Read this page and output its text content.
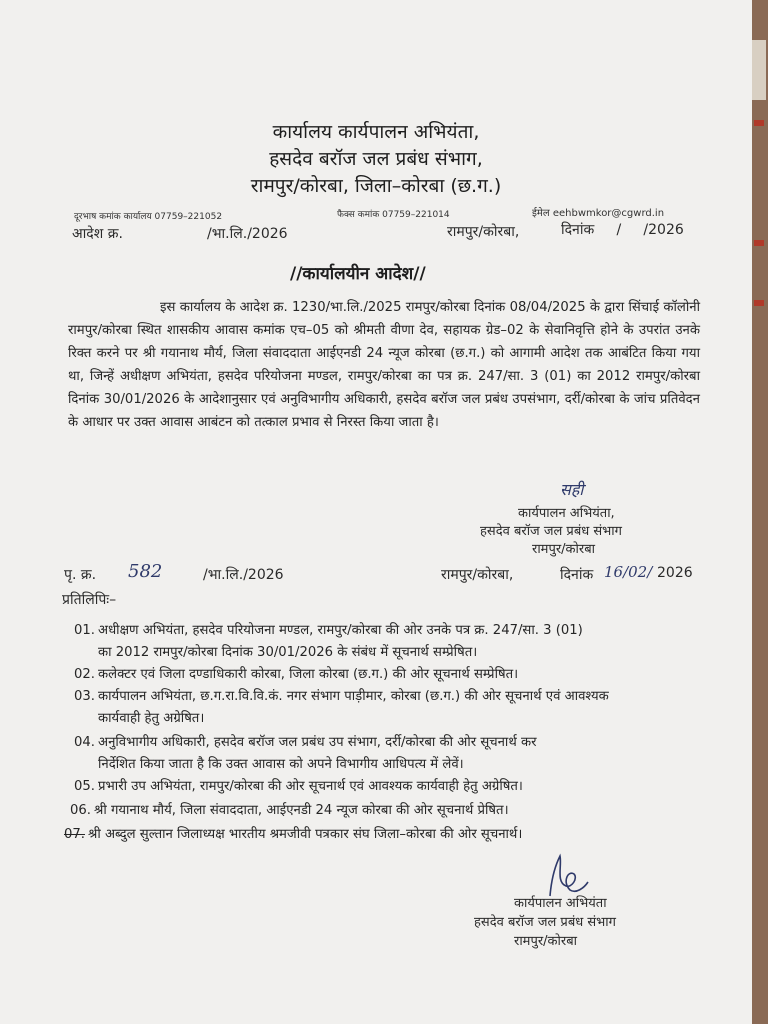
कार्यालय कार्यपालन अभियंता,
हसदेव बरॉज जल प्रबंध संभाग,
रामपुर/कोरबा, जिला–कोरबा (छ.ग.)
दूरभाष कमांक कार्यालय 07759–221052	फैक्स कमांक 07759–221014	ईमेल eehbwmkor@cgwrd.in
आदेश क्र.	/भा.लि./2026	रामपुर/कोरबा,	दिनांक     /     /2026
//कार्यालयीन आदेश//
इस कार्यालय के आदेश क्र. 1230/भा.लि./2025 रामपुर/कोरबा दिनांक 08/04/2025 के द्वारा सिंचाई कॉलोनी रामपुर/कोरबा स्थित शासकीय आवास कमांक एच–05 को श्रीमती वीणा देव, सहायक ग्रेड–02 के सेवानिवृत्ति होने के उपरांत उनके रिक्त करने पर श्री गयानाथ मौर्य, जिला संवाददाता आईएनडी 24 न्यूज कोरबा (छ.ग.) को आगामी आदेश तक आबंटित किया गया था, जिन्हें अधीक्षण अभियंता, हसदेव परियोजना मण्डल, रामपुर/कोरबा का पत्र क्र. 247/सा. 3 (01) का 2012 रामपुर/कोरबा दिनांक 30/01/2026 के आदेशानुसार एवं अनुविभागीय अधिकारी, हसदेव बरॉज जल प्रबंध उपसंभाग, दर्री/कोरबा के जांच प्रतिवेदन के आधार पर उक्त आवास आबंटन को तत्काल प्रभाव से निरस्त किया जाता है।
सही
कार्यपालन अभियंता,
हसदेव बरॉज जल प्रबंध संभाग
रामपुर/कोरबा
पृ. क्र. 582	/भा.लि./2026	रामपुर/कोरबा,	दिनांक 16/02/ 2026
प्रतिलिपिः–
01. अधीक्षण अभियंता, हसदेव परियोजना मण्डल, रामपुर/कोरबा की ओर उनके पत्र क्र. 247/सा. 3 (01)
का 2012 रामपुर/कोरबा दिनांक 30/01/2026 के संबंध में सूचनार्थ सम्प्रेषित।
02. कलेक्टर एवं जिला दण्डाधिकारी कोरबा, जिला कोरबा (छ.ग.) की ओर सूचनार्थ सम्प्रेषित।
03. कार्यपालन अभियंता, छ.ग.रा.वि.वि.कं. नगर संभाग पाड़ीमार, कोरबा (छ.ग.) की ओर सूचनार्थ एवं आवश्यक
कार्यवाही हेतु अग्रेषित।
04. अनुविभागीय अधिकारी, हसदेव बरॉज जल प्रबंध उप संभाग, दर्री/कोरबा की ओर सूचनार्थ कर
निर्देशित किया जाता है कि उक्त आवास को अपने विभागीय आधिपत्य में लेवें।
05. प्रभारी उप अभियंता, रामपुर/कोरबा की ओर सूचनार्थ एवं आवश्यक कार्यवाही हेतु अग्रेषित।
06. श्री गयानाथ मौर्य, जिला संवाददाता, आईएनडी 24 न्यूज कोरबा की ओर सूचनार्थ प्रेषित।
07. श्री अब्दुल सुल्तान जिलाध्यक्ष भारतीय श्रमजीवी पत्रकार संघ जिला–कोरबा की ओर सूचनार्थ।
कार्यपालन अभियंता
हसदेव बरॉज जल प्रबंध संभाग
रामपुर/कोरबा
